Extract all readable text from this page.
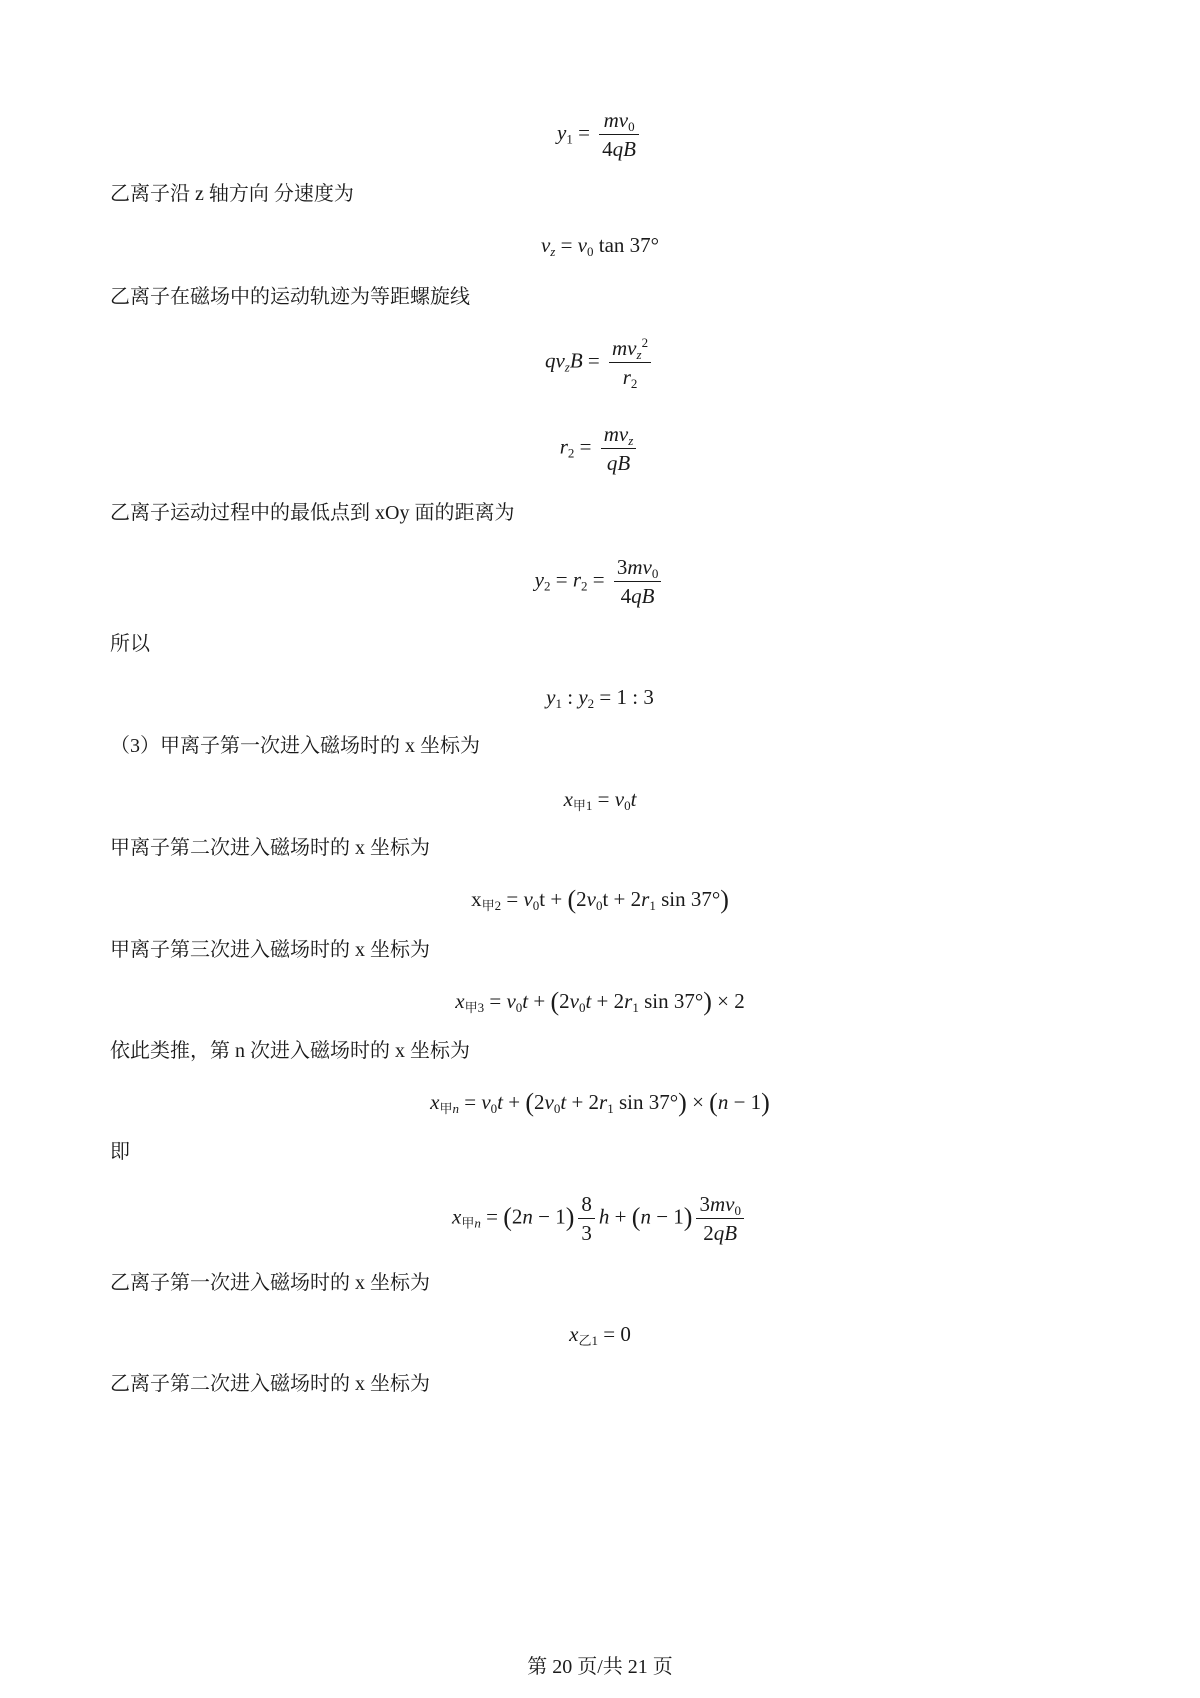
$y_1 = \frac{mv_0}{4qB}$
乙离子沿 z 轴方向 分速度为
$v_z = v_0$ tan 37°
乙离子在磁场中的运动轨迹为等距螺旋线
$qv_zB = \frac{mv_z^2}{r_2}$
$r_2 = \frac{mv_z}{qB}$
乙离子运动过程中的最低点到 xOy 面的距离为
$y_2 = r_2 = \frac{3mv_0}{4qB}$
所以
$y_1$ : $y_2 = 1$ : 3
（3）甲离子第一次进入磁场时的 x 坐标为
$x_{甲1} = v_0t$
甲离子第二次进入磁场时的 x 坐标为
$x_{甲2} = v_0t + (2v_0t + 2r_1$ sin 37°)
甲离子第三次进入磁场时的 x 坐标为
$x_{甲3} = v_0t + (2v_0t + 2r_1$ sin 37°) × 2
依此类推，第 n 次进入磁场时的 x 坐标为
$x_{甲n} = v_0t + (2v_0t + 2r_1$ sin 37°) × (n − 1)
即
$x_{甲n} = (2n - 1) \frac{8}{3}$ $h + (n - 1) \frac{3mv_0}{2qB}$
乙离子第一次进入磁场时的 x 坐标为
$x_{乙1} = 0$
乙离子第二次进入磁场时的 x 坐标为
第 20 页/共 21 页
